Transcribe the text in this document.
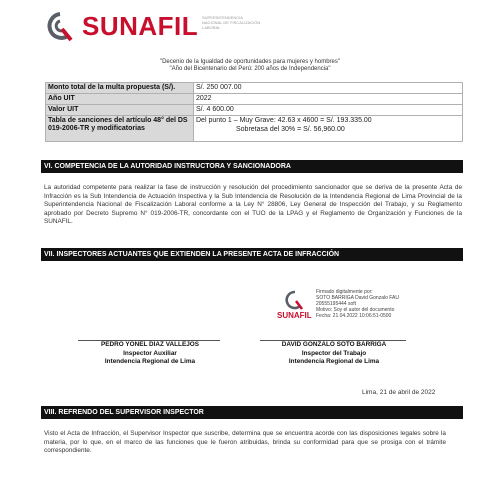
SUNAFIL SUPERINTENDENCIA NACIONAL DE FISCALIZACIÓN LABORAL
"Decenio de la Igualdad de oportunidades para mujeres y hombres"
"Año del Bicentenario del Perú: 200 años de Independencia"
Monto total de la multa propuesta (S/).	S/. 250 007.00
Año UIT	2022
Valor UIT	S/. 4 600.00
Tabla de sanciones del artículo 48° del DS 019-2006-TR y modificatorias	Del punto 1 – Muy Grave: 42.63 x 4600 = S/. 193.335.00
Sobretasa del 30% = S/. 56,960.00
VI. COMPETENCIA DE LA AUTORIDAD INSTRUCTORA Y SANCIONADORA
La autoridad competente para realizar la fase de instrucción y resolución del procedimiento sancionador que se deriva de la presente Acta de Infracción es la Sub Intendencia de Actuación Inspectiva y la Sub Intendencia de Resolución de la Intendencia Regional de Lima Provincial de la Superintendencia Nacional de Fiscalización Laboral conforme a la Ley N° 28806, Ley General de Inspección del Trabajo, y su Reglamento aprobado por Decreto Supremo N° 019-2006-TR, concordante con el TUO de la LPAG y el Reglamento de Organización y Funciones de la SUNAFIL.
VII. INSPECTORES ACTUANTES QUE EXTIENDEN LA PRESENTE ACTA DE INFRACCIÓN
SUNAFIL
Firmado digitalmente por:
SOTO BARRIGA David Gonzalo FAU
20555195444 soft
Motivo: Soy el autor del documento
Fecha: 21.04.2022 10:06:51-0500
PEDRO YONEL DIAZ VALLEJOS
Inspector Auxiliar
Intendencia Regional de Lima
DAVID GONZALO SOTO BARRIGA
Inspector del Trabajo
Intendencia Regional de Lima
Lima, 21 de abril de 2022
VIII. REFRENDO DEL SUPERVISOR INSPECTOR
Visto el Acta de Infracción, el Supervisor Inspector que suscribe, determina que se encuentra acorde con las disposiciones legales sobre la materia, por lo que, en el marco de las funciones que le fueron atribuidas, brinda su conformidad para que se prosiga con el trámite correspondiente.
